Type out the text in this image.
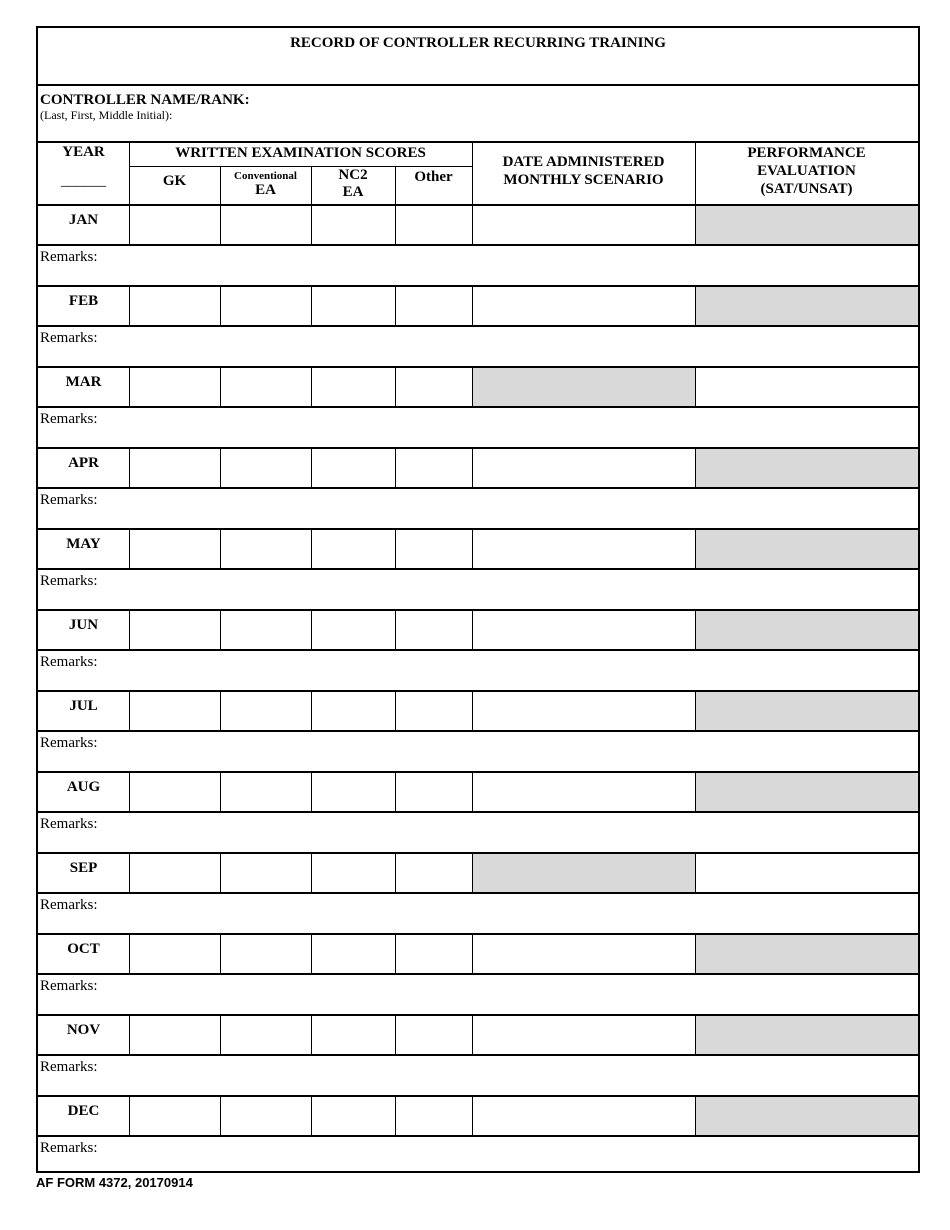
RECORD OF CONTROLLER RECURRING TRAINING
CONTROLLER NAME/RANK:
(Last, First, Middle Initial):
YEAR
______
WRITTEN EXAMINATION SCORES
GK	Conventional
EA
NC2
EA
Other
DATE ADMINISTERED
MONTHLY SCENARIO
PERFORMANCE
EVALUATION
(SAT/UNSAT)
JAN
Remarks:
FEB
Remarks:
MAR
Remarks:
APR
Remarks:
MAY
Remarks:
JUN
Remarks:
JUL
Remarks:
AUG
Remarks:
SEP
Remarks:
OCT
Remarks:
NOV
Remarks:
DEC
Remarks:
AF FORM 4372, 20170914
